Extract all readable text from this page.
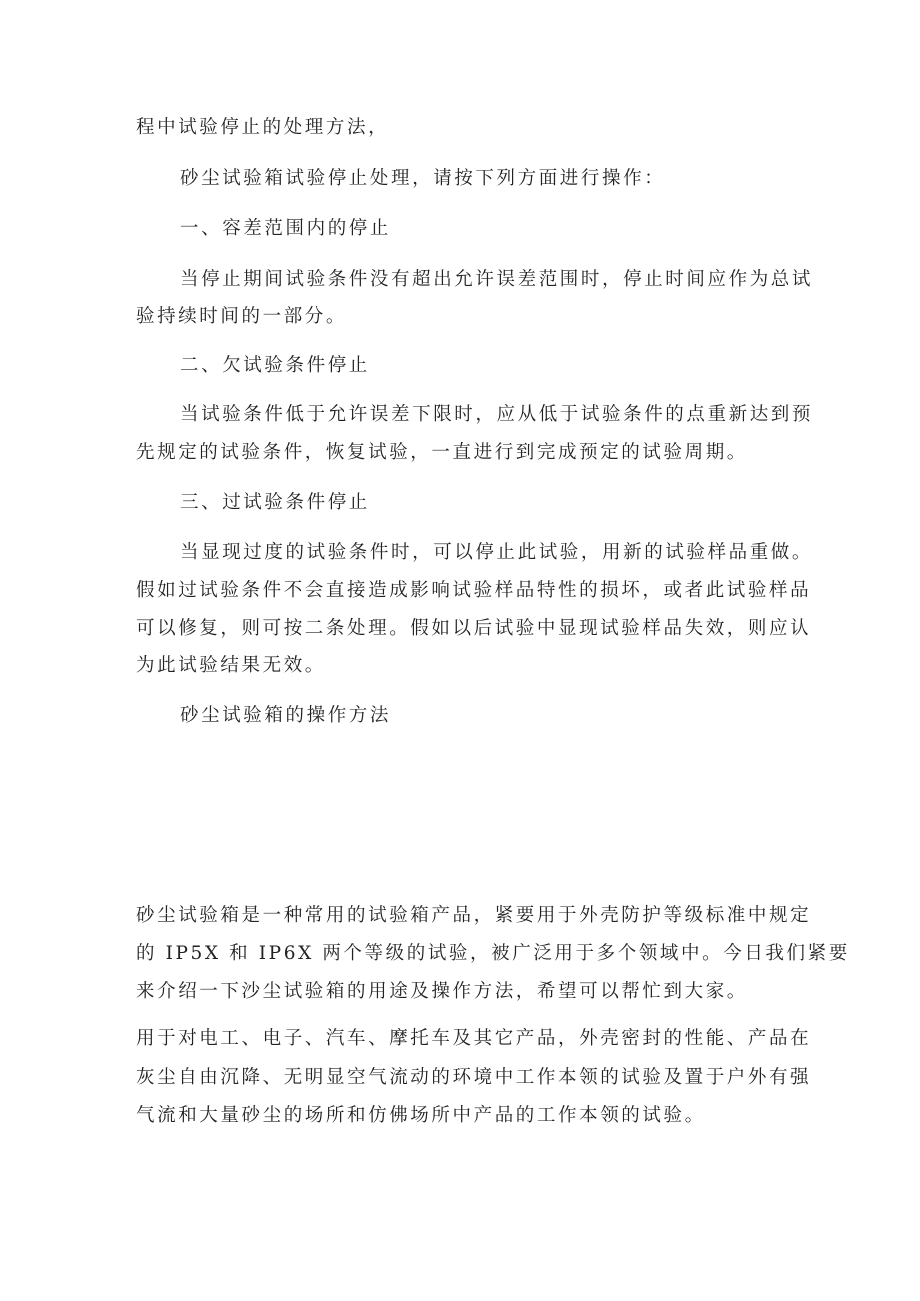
程中试验停止的处理方法，
砂尘试验箱试验停止处理，请按下列方面进行操作：
一、容差范围内的停止
当停止期间试验条件没有超出允许误差范围时，停止时间应作为总试
验持续时间的一部分。
二、欠试验条件停止
当试验条件低于允许误差下限时，应从低于试验条件的点重新达到预
先规定的试验条件，恢复试验，一直进行到完成预定的试验周期。
三、过试验条件停止
当显现过度的试验条件时，可以停止此试验，用新的试验样品重做。
假如过试验条件不会直接造成影响试验样品特性的损坏，或者此试验样品
可以修复，则可按二条处理。假如以后试验中显现试验样品失效，则应认
为此试验结果无效。
砂尘试验箱的操作方法
砂尘试验箱是一种常用的试验箱产品，紧要用于外壳防护等级标准中规定
的 IP5X 和 IP6X 两个等级的试验，被广泛用于多个领域中。今日我们紧要
来介绍一下沙尘试验箱的用途及操作方法，希望可以帮忙到大家。
用于对电工、电子、汽车、摩托车及其它产品，外壳密封的性能、产品在
灰尘自由沉降、无明显空气流动的环境中工作本领的试验及置于户外有强
气流和大量砂尘的场所和仿佛场所中产品的工作本领的试验。
